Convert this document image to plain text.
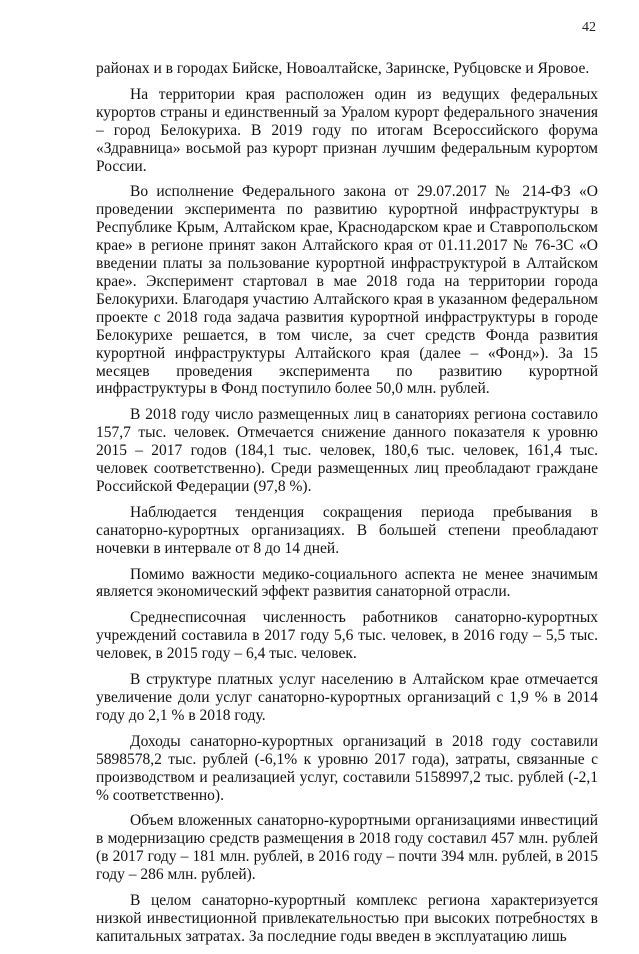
42

районах и в городах Бийске, Новоалтайске, Заринске, Рубцовске и Яровое.

На территории края расположен один из ведущих федеральных курортов страны и единственный за Уралом курорт федерального значения – город Белокуриха. В 2019 году по итогам Всероссийского форума «Здравница» восьмой раз курорт признан лучшим федеральным курортом России.

Во исполнение Федерального закона от 29.07.2017 № 214-ФЗ «О проведении эксперимента по развитию курортной инфраструктуры в Республике Крым, Алтайском крае, Краснодарском крае и Ставропольском крае» в регионе принят закон Алтайского края от 01.11.2017 № 76-ЗС «О введении платы за пользование курортной инфраструктурой в Алтайском крае». Эксперимент стартовал в мае 2018 года на территории города Белокурихи. Благодаря участию Алтайского края в указанном федеральном проекте с 2018 года задача развития курортной инфраструктуры в городе Белокурихе решается, в том числе, за счет средств Фонда развития курортной инфраструктуры Алтайского края (далее – «Фонд»). За 15 месяцев проведения эксперимента по развитию курортной инфраструктуры в Фонд поступило более 50,0 млн. рублей.

В 2018 году число размещенных лиц в санаториях региона составило 157,7 тыс. человек. Отмечается снижение данного показателя к уровню 2015 – 2017 годов (184,1 тыс. человек, 180,6 тыс. человек, 161,4 тыс. человек соответственно). Среди размещенных лиц преобладают граждане Российской Федерации (97,8 %).

Наблюдается тенденция сокращения периода пребывания в санаторно-курортных организациях. В большей степени преобладают ночевки в интервале от 8 до 14 дней.

Помимо важности медико-социального аспекта не менее значимым является экономический эффект развития санаторной отрасли.

Среднесписочная численность работников санаторно-курортных учреждений составила в 2017 году 5,6 тыс. человек, в 2016 году – 5,5 тыс. человек, в 2015 году – 6,4 тыс. человек.

В структуре платных услуг населению в Алтайском крае отмечается увеличение доли услуг санаторно-курортных организаций с 1,9 % в 2014 году до 2,1 % в 2018 году.

Доходы санаторно-курортных организаций в 2018 году составили 5898578,2 тыс. рублей (-6,1% к уровню 2017 года), затраты, связанные с производством и реализацией услуг, составили 5158997,2 тыс. рублей (-2,1 % соответственно).

Объем вложенных санаторно-курортными организациями инвестиций в модернизацию средств размещения в 2018 году составил 457 млн. рублей (в 2017 году – 181 млн. рублей, в 2016 году – почти 394 млн. рублей, в 2015 году – 286 млн. рублей).

В целом санаторно-курортный комплекс региона характеризуется низкой инвестиционной привлекательностью при высоких потребностях в капитальных затратах. За последние годы введен в эксплуатацию лишь
